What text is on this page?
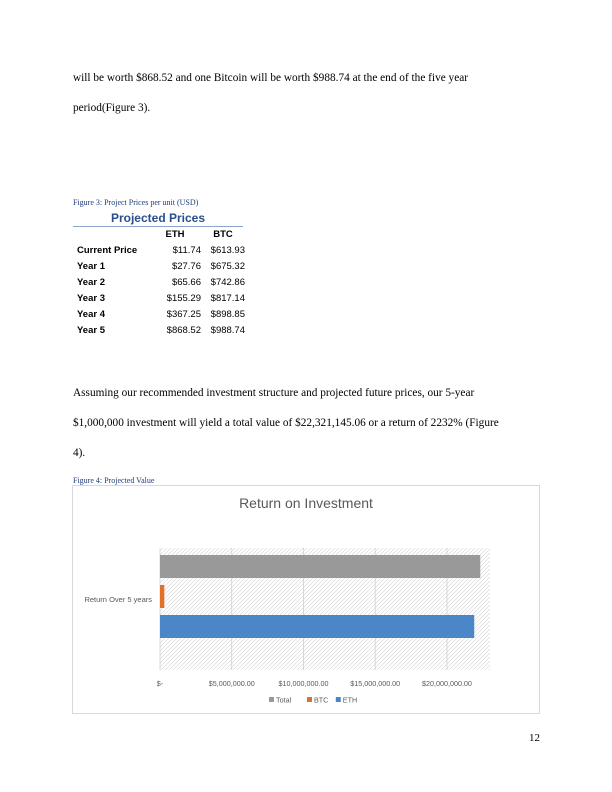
will be worth $868.52 and one Bitcoin will be worth $988.74 at the end of the five year

period(Figure 3).

Figure 3: Project Prices per unit (USD)
Projected Prices
ETH	BTC
Current Price	$11.74	$613.93
Year 1	$27.76	$675.32
Year 2	$65.66	$742.86
Year 3	$155.29	$817.14
Year 4	$367.25	$898.85
Year 5	$868.52	$988.74

Assuming our recommended investment structure and projected future prices, our 5-year

$1,000,000 investment will yield a total value of $22,321,145.06 or a return of 2232% (Figure

4).

Figure 4: Projected Value
Return on Investment
Return Over 5 years
$-	$5,000,000.00	$10,000,000.00	$15,000,000.00	$20,000,000.00
Total	BTC ETH
12
